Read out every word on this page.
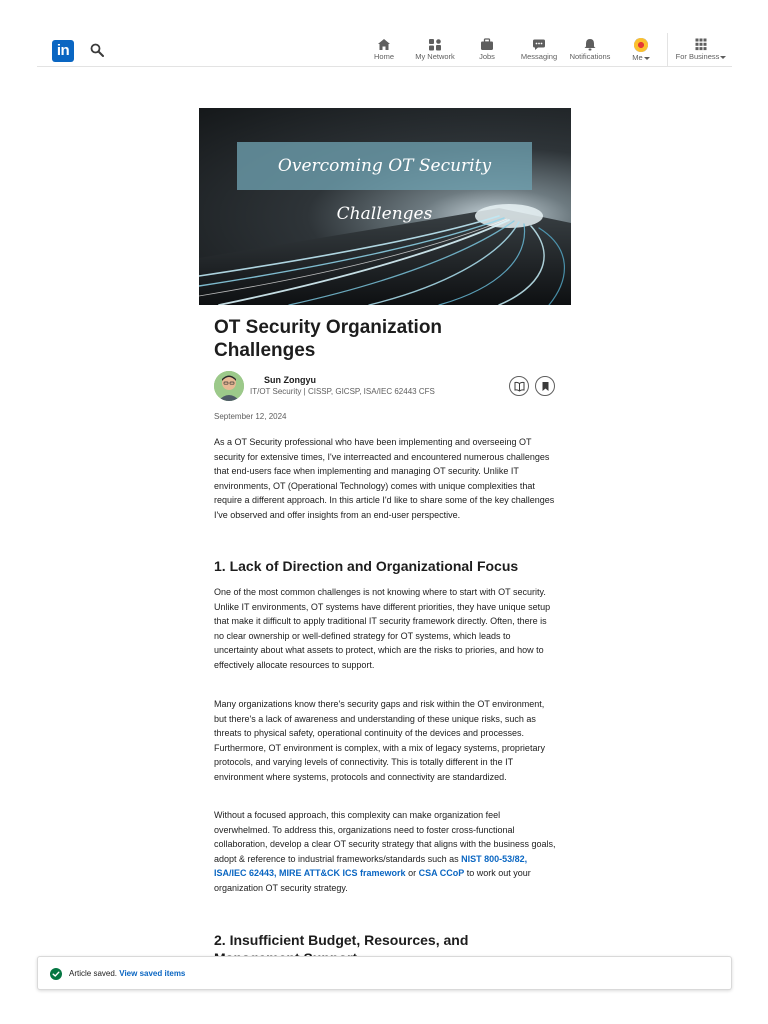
in	Home	My Network	Jobs	Messaging	Notifications	Me	For Business
Overcoming OT Security Challenges
OT Security Organization Challenges
Sun Zongyu
IT/OT Security | CISSP, GICSP, ISA/IEC 62443 CFS
September 12, 2024

As a OT Security professional who have been implementing and overseeing OT security for extensive times, I've interreacted and encountered numerous challenges that end-users face when implementing and managing OT security. Unlike IT environments, OT (Operational Technology) comes with unique complexities that require a different approach. In this article I'd like to share some of the key challenges I've observed and offer insights from an end-user perspective.

1. Lack of Direction and Organizational Focus

One of the most common challenges is not knowing where to start with OT security. Unlike IT environments, OT systems have different priorities, they have unique setup that make it difficult to apply traditional IT security framework directly. Often, there is no clear ownership or well-defined strategy for OT systems, which leads to uncertainty about what assets to protect, which are the risks to priories, and how to effectively allocate resources to support.

Many organizations know there's security gaps and risk within the OT environment, but there's a lack of awareness and understanding of these unique risks, such as threats to physical safety, operational continuity of the devices and processes. Furthermore, OT environment is complex, with a mix of legacy systems, proprietary protocols, and varying levels of connectivity. This is totally different in the IT environment where systems, protocols and connectivity are standardized.

Without a focused approach, this complexity can make organization feel overwhelmed. To address this, organizations need to foster cross-functional collaboration, develop a clear OT security strategy that aligns with the business goals, adopt & reference to industrial frameworks/standards such as NIST 800-53/82, ISA/IEC 62443, MIRE ATT&CK ICS framework or CSA CCoP to work out your organization OT security strategy.

2. Insufficient Budget, Resources, and
Article saved. View saved items
